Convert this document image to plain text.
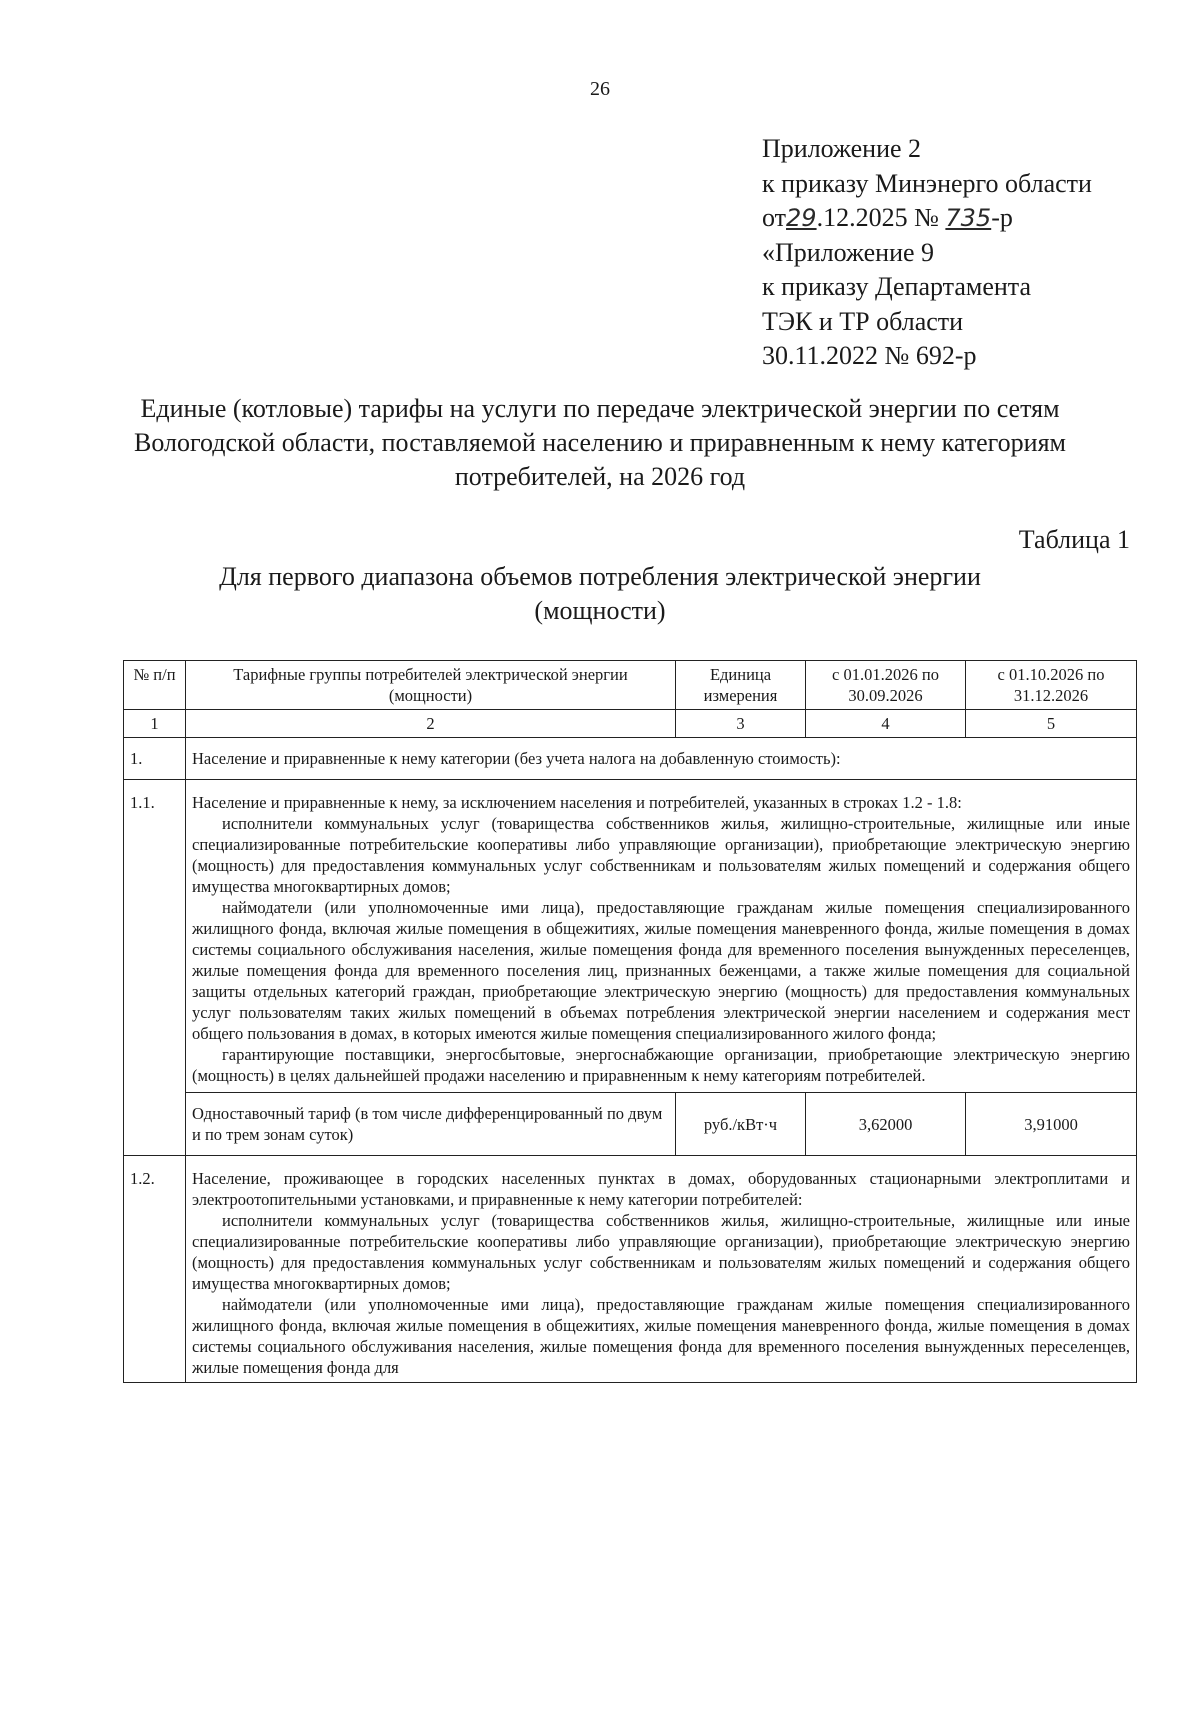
26
Приложение 2
к приказу Минэнерго области
от29.12.2025 № 735-р
«Приложение 9
к приказу Департамента
ТЭК и ТР области
30.11.2022 № 692-р
Единые (котловые) тарифы на услуги по передаче электрической энергии по сетям Вологодской области, поставляемой населению и приравненным к нему категориям потребителей, на 2026 год
Таблица 1
Для первого диапазона объемов потребления электрической энергии (мощности)
№ п/п	Тарифные группы потребителей электрической энергии (мощности)	Единица измерения	с 01.01.2026 по 30.09.2026	с 01.10.2026 по 31.12.2026
1	2	3	4	5
1.	Население и приравненные к нему категории (без учета налога на добавленную стоимость):			
1.1.	Население и приравненные к нему, за исключением населения и потребителей, указанных в строках 1.2 - 1.8:
исполнители коммунальных услуг (товарищества собственников жилья, жилищно-строительные, жилищные или иные специализированные потребительские кооперативы либо управляющие организации), приобретающие электрическую энергию (мощность) для предоставления коммунальных услуг собственникам и пользователям жилых помещений и содержания общего имущества многоквартирных домов;
наймодатели (или уполномоченные ими лица), предоставляющие гражданам жилые помещения специализированного жилищного фонда, включая жилые помещения в общежитиях, жилые помещения маневренного фонда, жилые помещения в домах системы социального обслуживания населения, жилые помещения фонда для временного поселения вынужденных переселенцев, жилые помещения фонда для временного поселения лиц, признанных беженцами, а также жилые помещения для социальной защиты отдельных категорий граждан, приобретающие электрическую энергию (мощность) для предоставления коммунальных услуг пользователям таких жилых помещений в объемах потребления электрической энергии населением и содержания мест общего пользования в домах, в которых имеются жилые помещения специализированного жилого фонда;
гарантирующие поставщики, энергосбытовые, энергоснабжающие организации, приобретающие электрическую энергию (мощность) в целях дальнейшей продажи населению и приравненным к нему категориям потребителей.			

	Одноставочный тариф (в том числе дифференцированный по двум и по трем зонам суток)	руб./кВт·ч	3,62000	3,91000
1.2.	Население, проживающее в городских населенных пунктах в домах, оборудованных стационарными электроплитами и электроотопительными установками, и приравненные к нему категории потребителей:
исполнители коммунальных услуг (товарищества собственников жилья, жилищно-строительные, жилищные или иные специализированные потребительские кооперативы либо управляющие организации), приобретающие электрическую энергию (мощность) для предоставления коммунальных услуг собственникам и пользователям жилых помещений и содержания общего имущества многоквартирных домов;
наймодатели (или уполномоченные ими лица), предоставляющие гражданам жилые помещения специализированного жилищного фонда, включая жилые помещения в общежитиях, жилые помещения маневренного фонда, жилые помещения в домах системы социального обслуживания населения, жилые помещения фонда для временного поселения вынужденных переселенцев, жилые помещения фонда для			
